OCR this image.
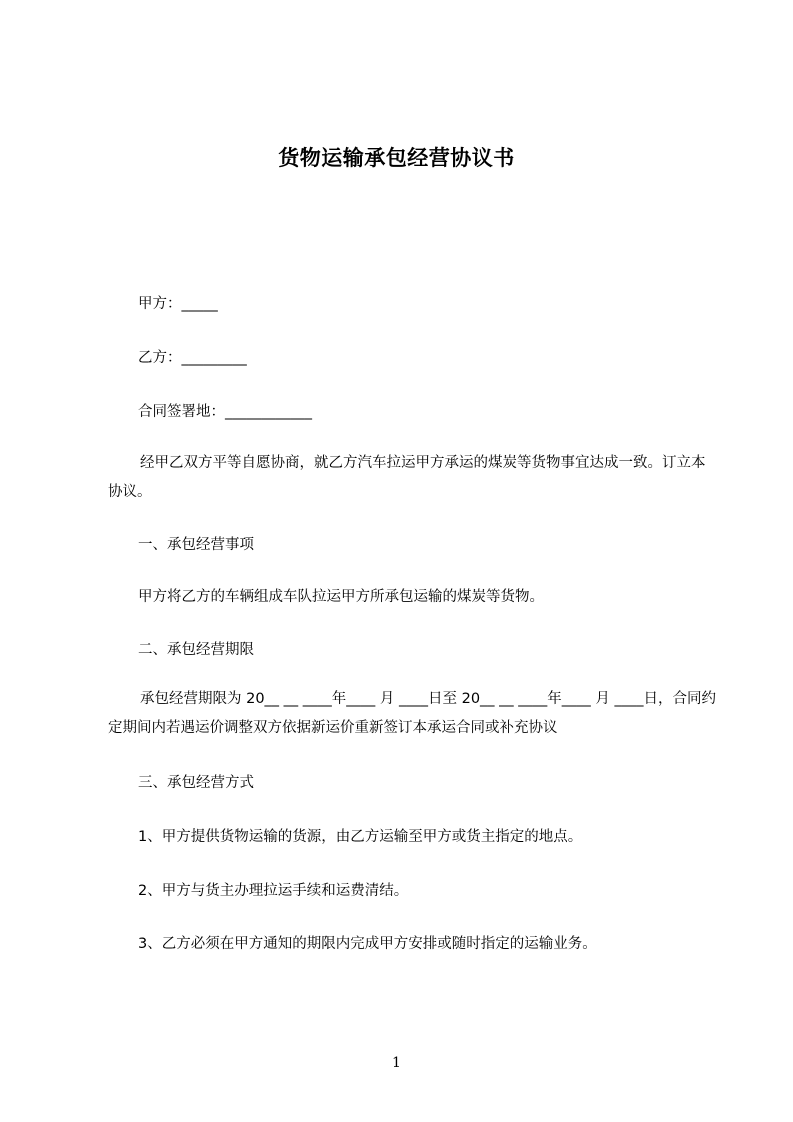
货物运输承包经营协议书
甲方：_____
乙方：_________
合同签署地：____________
经甲乙双方平等自愿协商，就乙方汽车拉运甲方承运的煤炭等货物事宜达成一致。订立本协议。
一、承包经营事项
甲方将乙方的车辆组成车队拉运甲方所承包运输的煤炭等货物。
二、承包经营期限
承包经营期限为 20__ __ ____年____ 月 ____日至 20__ __ ____年____ 月 ____日，合同约定期间内若遇运价调整双方依据新运价重新签订本承运合同或补充协议
三、承包经营方式
1、甲方提供货物运输的货源，由乙方运输至甲方或货主指定的地点。
2、甲方与货主办理拉运手续和运费清结。
3、乙方必须在甲方通知的期限内完成甲方安排或随时指定的运输业务。
1
